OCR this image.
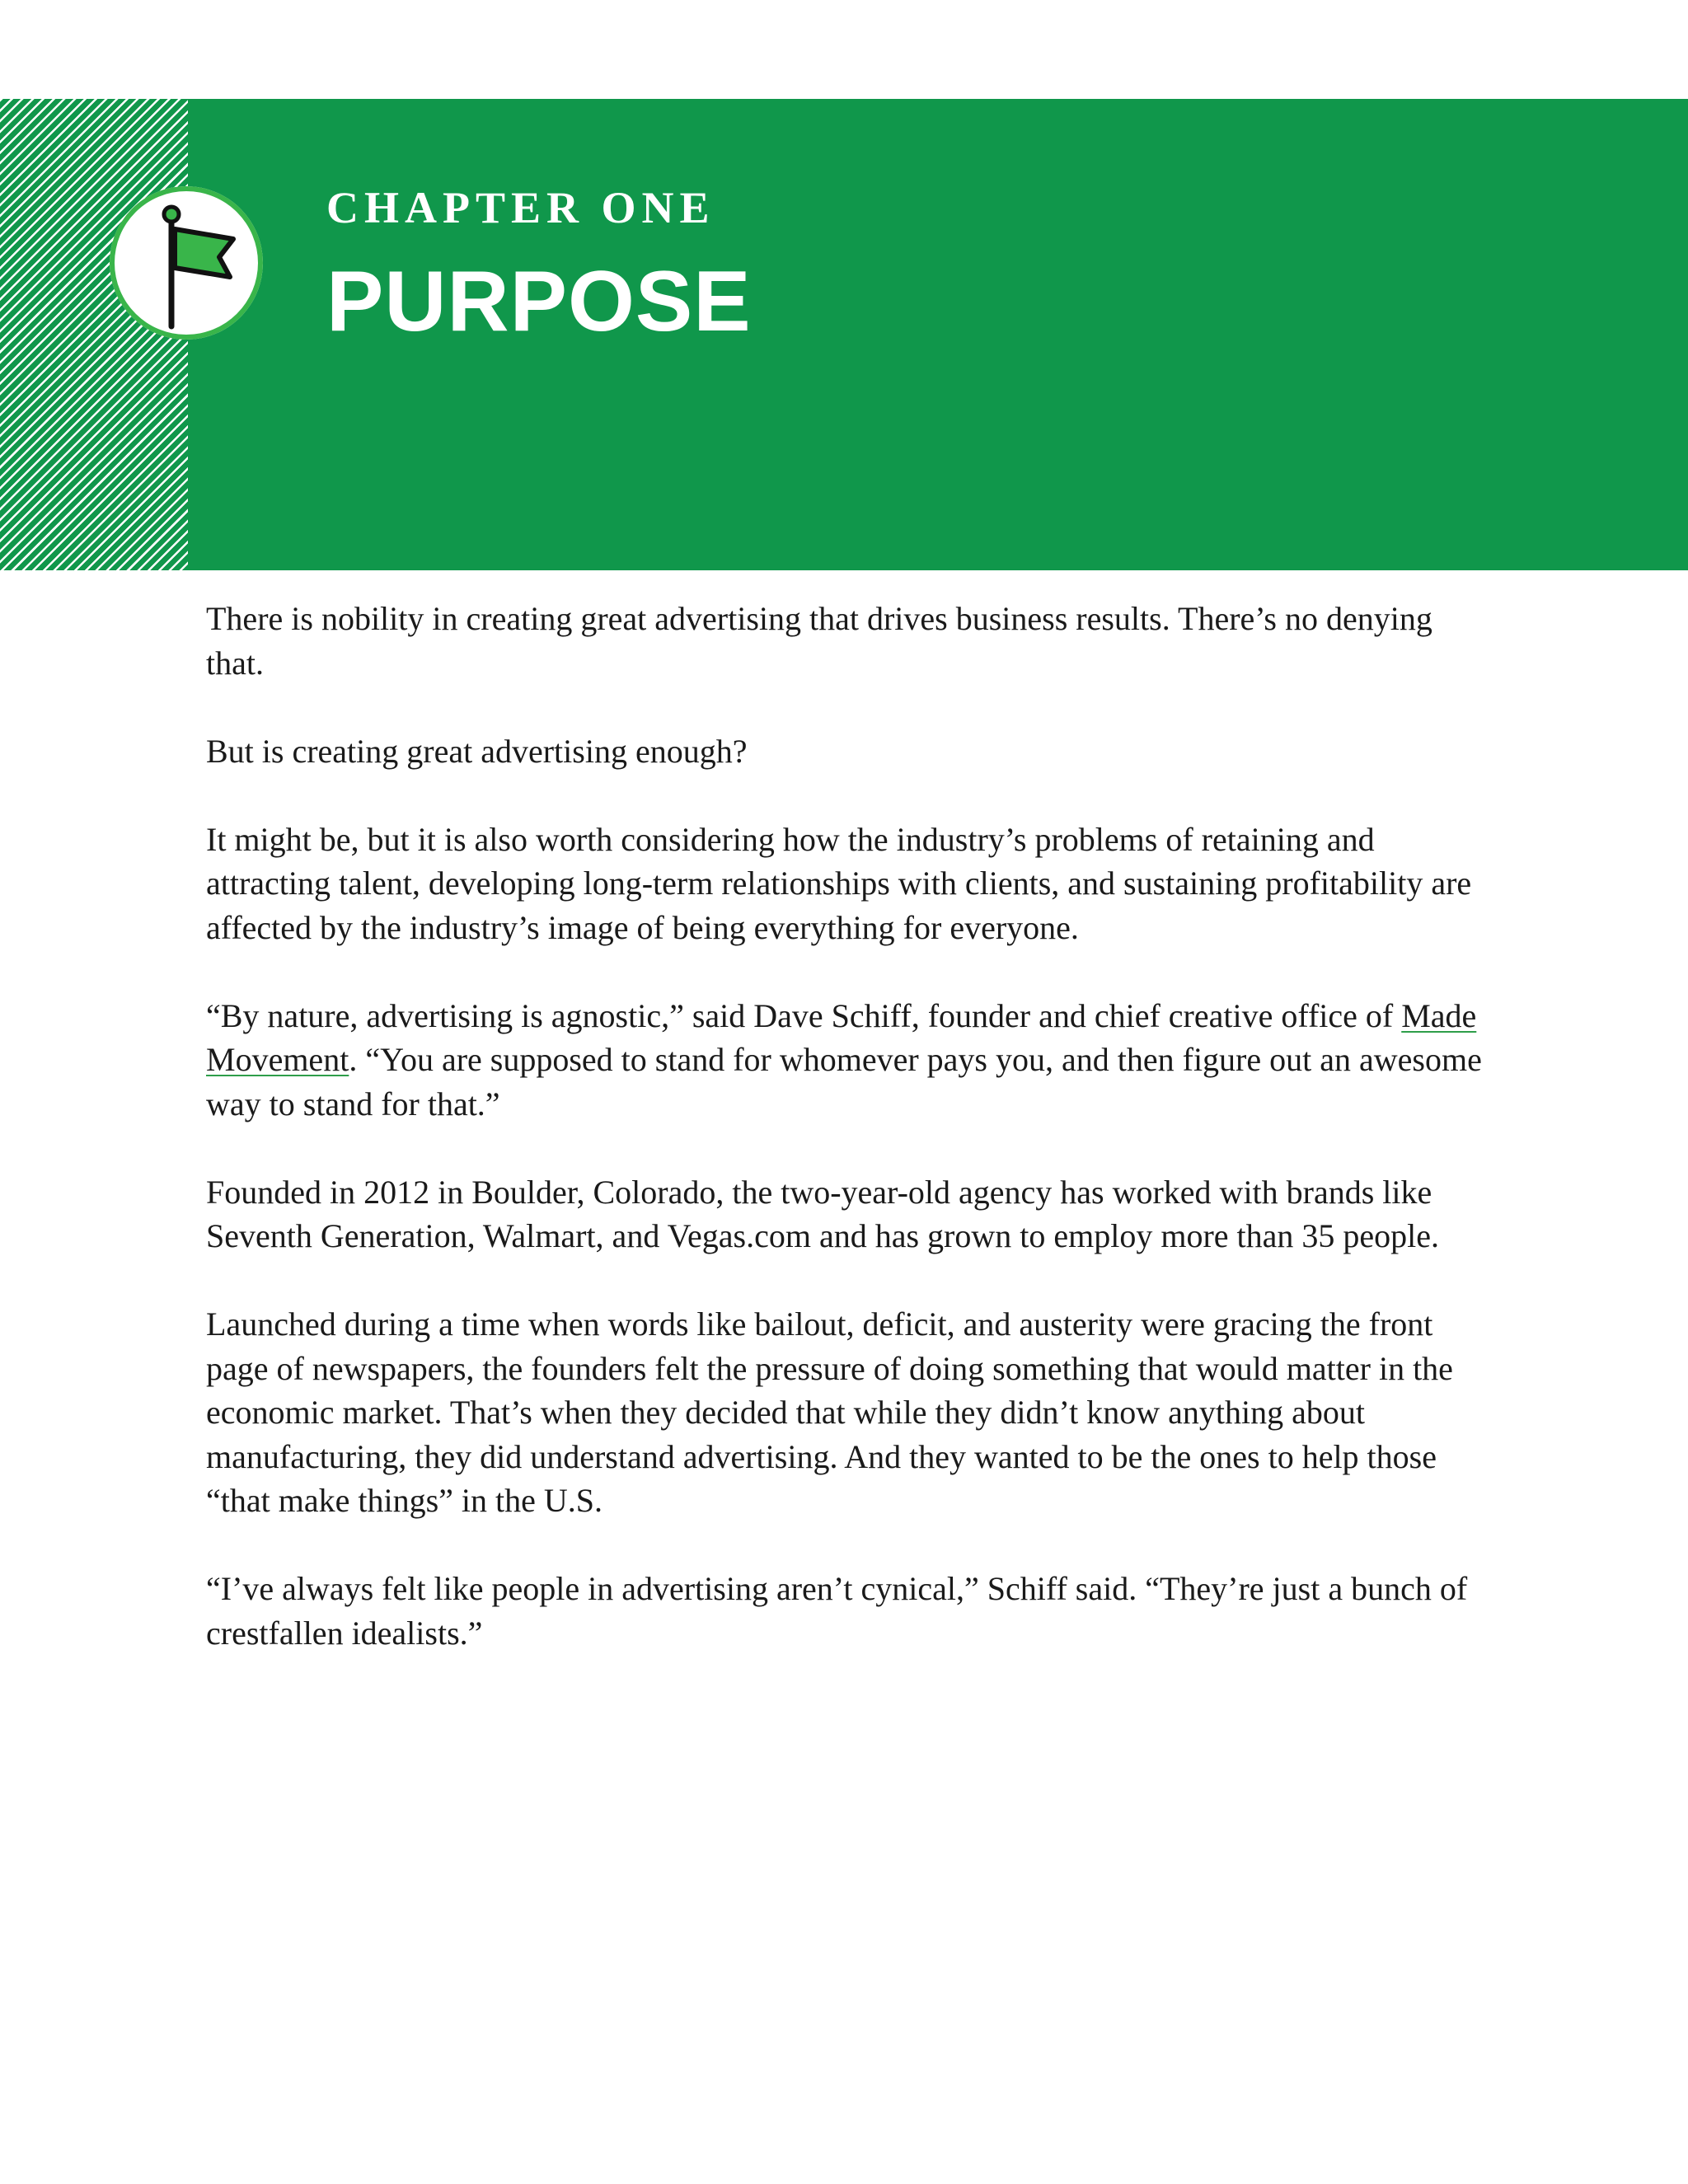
CHAPTER ONE
PURPOSE

There is nobility in creating great advertising that drives business results. There’s no denying that.

But is creating great advertising enough?

It might be, but it is also worth considering how the industry’s problems of retaining and attracting talent, developing long-term relationships with clients, and sustaining profitability are affected by the industry’s image of being everything for everyone.

“By nature, advertising is agnostic,” said Dave Schiff, founder and chief creative office of Made Movement. “You are supposed to stand for whomever pays you, and then figure out an awesome way to stand for that.”

Founded in 2012 in Boulder, Colorado, the two-year-old agency has worked with brands like Seventh Generation, Walmart, and Vegas.com and has grown to employ more than 35 people.

Launched during a time when words like bailout, deficit, and austerity were gracing the front page of newspapers, the founders felt the pressure of doing something that would matter in the economic market. That’s when they decided that while they didn’t know anything about manufacturing, they did understand advertising. And they wanted to be the ones to help those “that make things” in the U.S.

“I’ve always felt like people in advertising aren’t cynical,” Schiff said. “They’re just a bunch of crestfallen idealists.”
